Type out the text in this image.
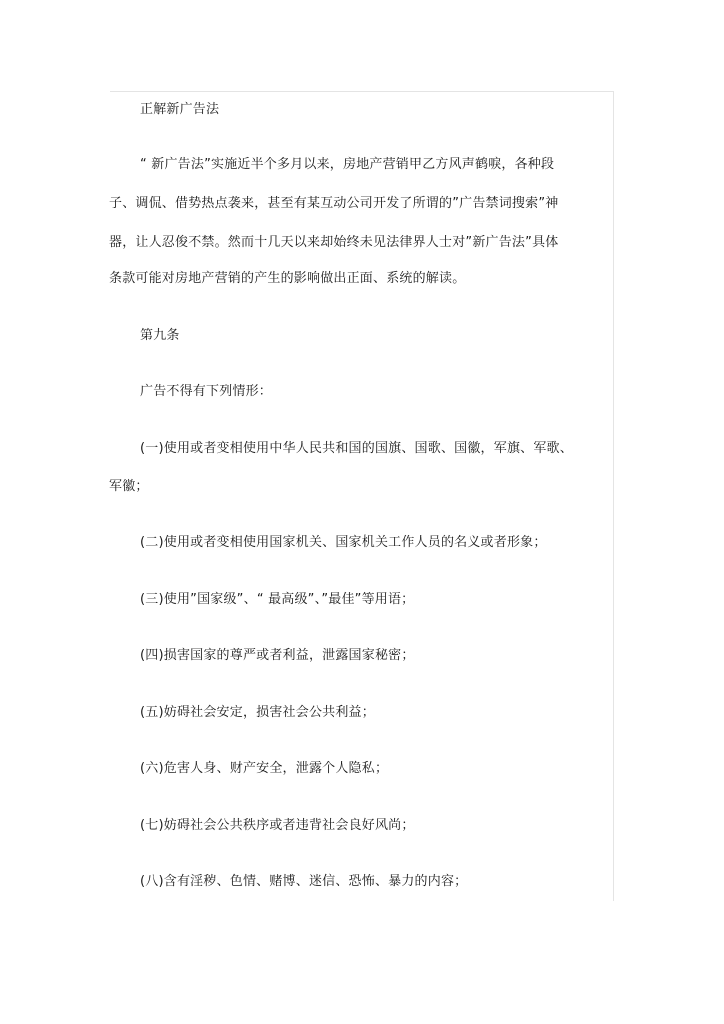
正解新广告法
“ 新广告法”实施近半个多月以来，房地产营销甲乙方风声鹤唳，各种段
子、调侃、借势热点袭来，甚至有某互动公司开发了所谓的”广告禁词搜索”神
器，让人忍俊不禁。然而十几天以来却始终未见法律界人士对”新广告法”具体
条款可能对房地产营销的产生的影响做出正面、系统的解读。
第九条
广告不得有下列情形：
(一)使用或者变相使用中华人民共和国的国旗、国歌、国徽，军旗、军歌、
军徽；
(二)使用或者变相使用国家机关、国家机关工作人员的名义或者形象；
(三)使用”国家级”、“ 最高级”、”最佳”等用语；
(四)损害国家的尊严或者利益，泄露国家秘密；
(五)妨碍社会安定，损害社会公共利益；
(六)危害人身、财产安全，泄露个人隐私；
(七)妨碍社会公共秩序或者违背社会良好风尚；
(八)含有淫秽、色情、赌博、迷信、恐怖、暴力的内容；
